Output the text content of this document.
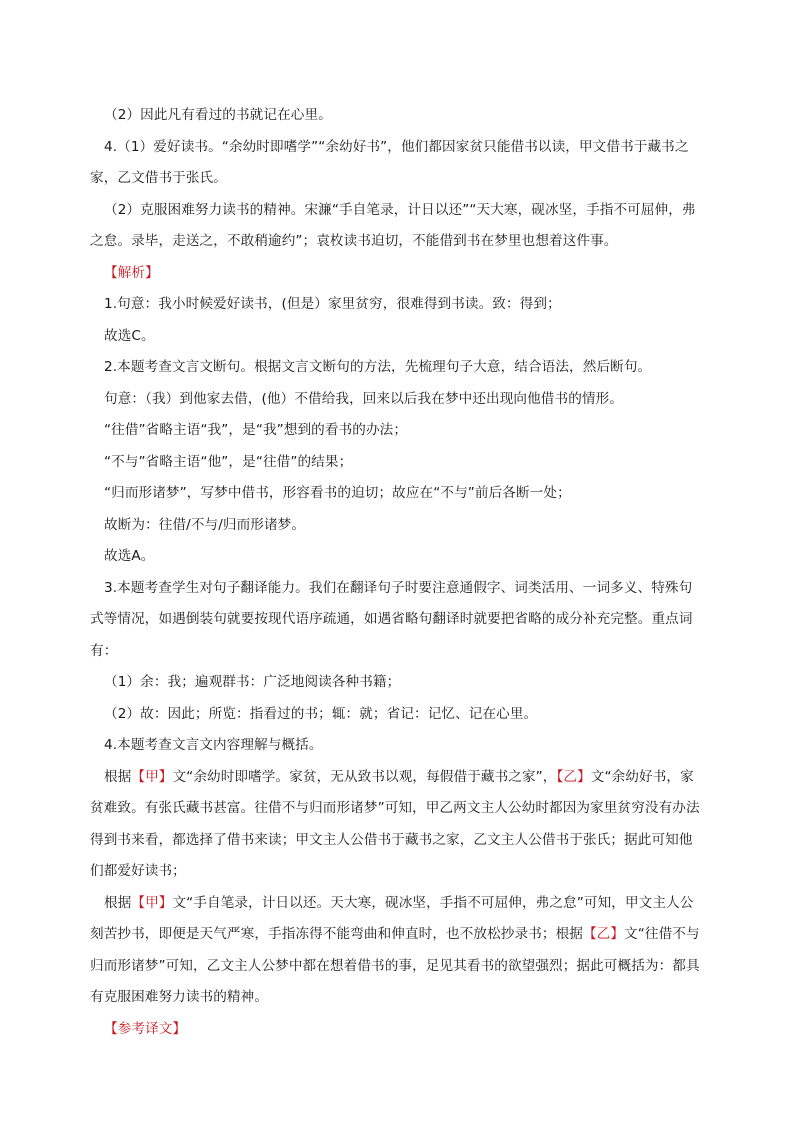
（2）因此凡有看过的书就记在心里。

4.（1）爱好读书。“余幼时即嗜学”“余幼好书”，他们都因家贫只能借书以读，甲文借书于藏书之家，乙文借书于张氏。

（2）克服困难努力读书的精神。宋濂“手自笔录，计日以还”“天大寒，砚冰坚，手指不可屈伸，弗之怠。录毕，走送之，不敢稍逾约”；袁枚读书迫切，不能借到书在梦里也想着这件事。

【解析】

1.句意：我小时候爱好读书，(但是）家里贫穷，很难得到书读。致：得到；

故选C。

2.本题考查文言文断句。根据文言文断句的方法，先梳理句子大意，结合语法，然后断句。

句意：（我）到他家去借，(他）不借给我，回来以后我在梦中还出现向他借书的情形。

“往借”省略主语“我”，是“我”想到的看书的办法；

“不与”省略主语“他”，是“往借”的结果；

“归而形诸梦”，写梦中借书，形容看书的迫切；故应在“不与”前后各断一处；

故断为：往借/不与/归而形诸梦。

故选A。

3.本题考查学生对句子翻译能力。我们在翻译句子时要注意通假字、词类活用、一词多义、特殊句式等情况，如遇倒装句就要按现代语序疏通，如遇省略句翻译时就要把省略的成分补充完整。重点词有：

（1）余：我；遍观群书：广泛地阅读各种书籍；

（2）故：因此；所览：指看过的书；辄：就；省记：记忆、记在心里。

4.本题考查文言文内容理解与概括。

根据【甲】文“余幼时即嗜学。家贫，无从致书以观，每假借于藏书之家”，【乙】文“余幼好书，家贫难致。有张氏藏书甚富。往借不与归而形诸梦”可知，甲乙两文主人公幼时都因为家里贫穷没有办法得到书来看，都选择了借书来读；甲文主人公借书于藏书之家，乙文主人公借书于张氏；据此可知他们都爱好读书；

根据【甲】文“手自笔录，计日以还。天大寒，砚冰坚，手指不可屈伸，弗之怠”可知，甲文主人公刻苦抄书，即便是天气严寒，手指冻得不能弯曲和伸直时，也不放松抄录书；根据【乙】文“往借不与归而形诸梦”可知，乙文主人公梦中都在想着借书的事，足见其看书的欲望强烈；据此可概括为：都具有克服困难努力读书的精神。

【参考译文】
